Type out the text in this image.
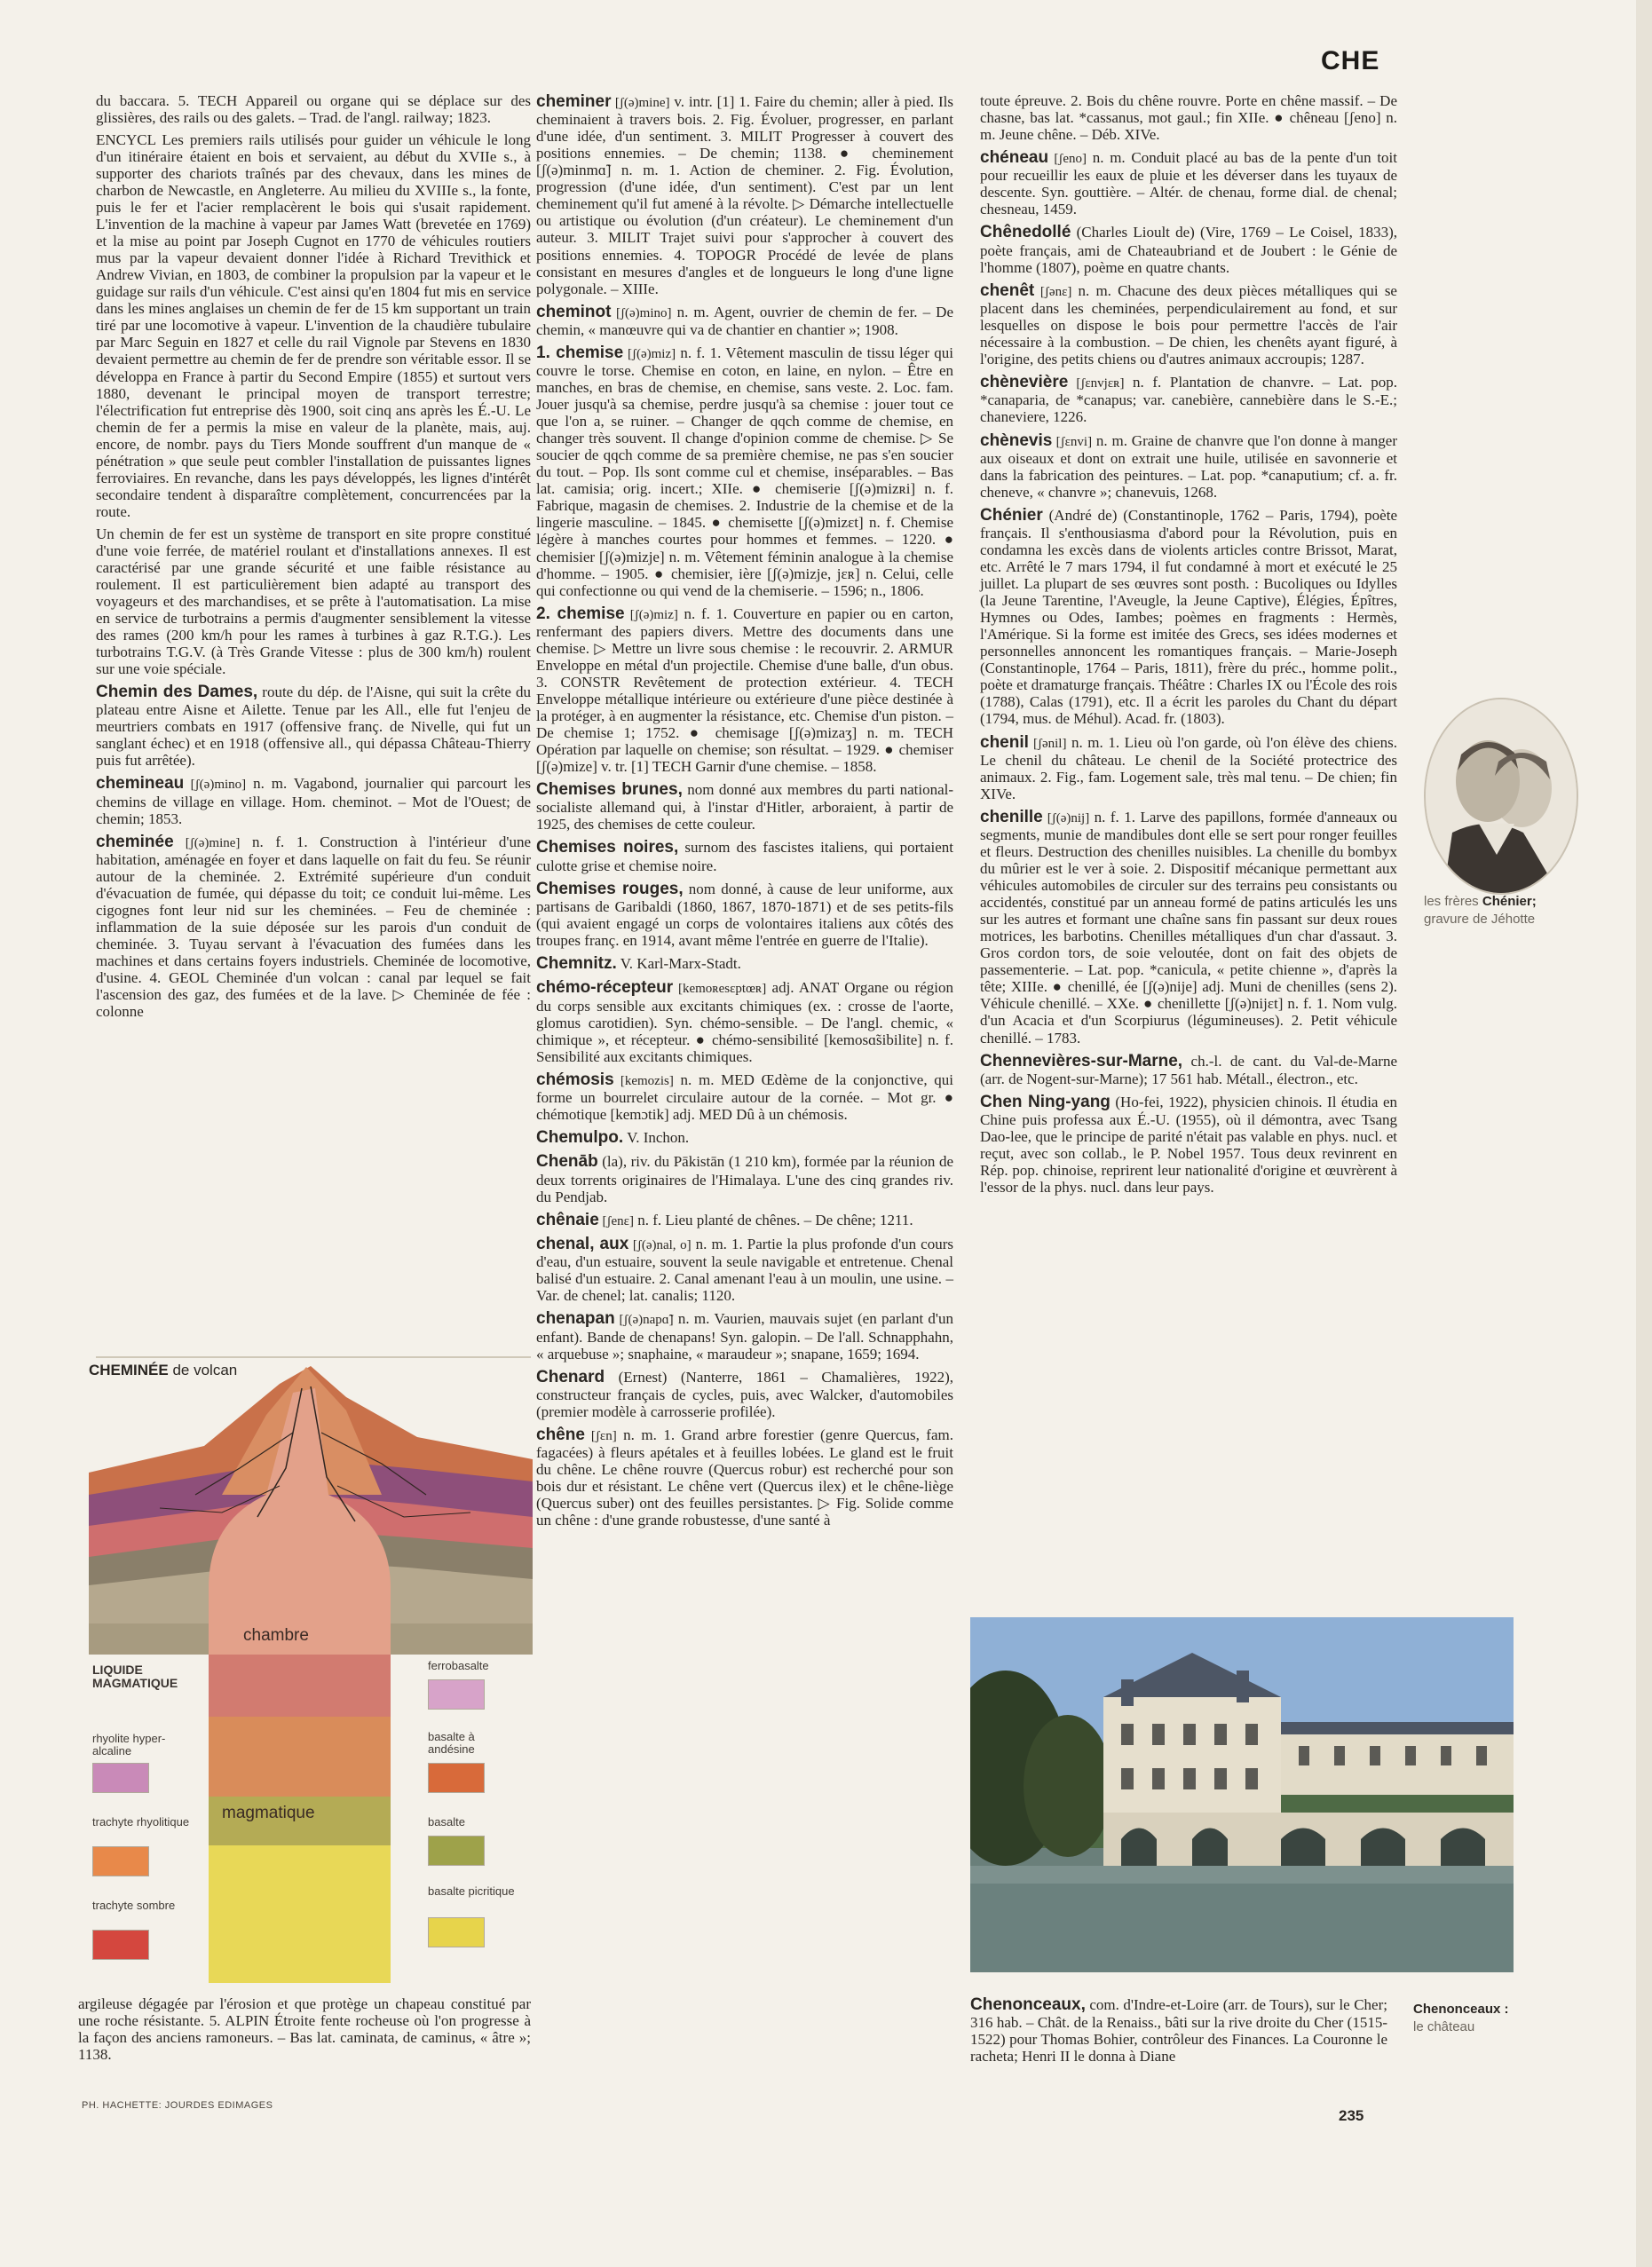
CHE

du baccara. 5. TECH Appareil ou organe qui se déplace sur des glissières, des rails ou des galets. – Trad. de l'angl. railway; 1823.

ENCYCL Les premiers rails utilisés pour guider un véhicule le long d'un itinéraire étaient en bois et servaient, au début du XVIIe s., à supporter des chariots traînés par des chevaux, dans les mines de charbon de Newcastle, en Angleterre. Au milieu du XVIIIe s., la fonte, puis le fer et l'acier remplacèrent le bois qui s'usait rapidement. L'invention de la machine à vapeur par James Watt (brevetée en 1769) et la mise au point par Joseph Cugnot en 1770 de véhicules routiers mus par la vapeur devaient donner l'idée à Richard Trevithick et Andrew Vivian, en 1803, de combiner la propulsion par la vapeur et le guidage sur rails d'un véhicule. C'est ainsi qu'en 1804 fut mis en service dans les mines anglaises un chemin de fer de 15 km supportant un train tiré par une locomotive à vapeur. L'invention de la chaudière tubulaire par Marc Seguin en 1827 et celle du rail Vignole par Stevens en 1830 devaient permettre au chemin de fer de prendre son véritable essor. Il se développa en France à partir du Second Empire (1855) et surtout vers 1880, devenant le principal moyen de transport terrestre; l'électrification fut entreprise dès 1900, soit cinq ans après les É.-U. Le chemin de fer a permis la mise en valeur de la planète, mais, auj. encore, de nombr. pays du Tiers Monde souffrent d'un manque de « pénétration » que seule peut combler l'installation de puissantes lignes ferroviaires. En revanche, dans les pays développés, les lignes d'intérêt secondaire tendent à disparaître complètement, concurrencées par la route.

Un chemin de fer est un système de transport en site propre constitué d'une voie ferrée, de matériel roulant et d'installations annexes. Il est caractérisé par une grande sécurité et une faible résistance au roulement. Il est particulièrement bien adapté au transport des voyageurs et des marchandises, et se prête à l'automatisation. La mise en service de turbotrains a permis d'augmenter sensiblement la vitesse des rames (200 km/h pour les rames à turbines à gaz R.T.G.). Les turbotrains T.G.V. (à Très Grande Vitesse : plus de 300 km/h) roulent sur une voie spéciale.

Chemin des Dames, route du dép. de l'Aisne, qui suit la crête du plateau entre Aisne et Ailette. Tenue par les All., elle fut l'enjeu de meurtriers combats en 1917 (offensive franç. de Nivelle, qui fut un sanglant échec) et en 1918 (offensive all., qui dépassa Château-Thierry puis fut arrêtée).
chemineau [ʃ(ə)mino] n. m. Vagabond, journalier qui parcourt les chemins de village en village. Hom. cheminot. – Mot de l'Ouest; de chemin; 1853.
cheminée [ʃ(ə)mine] n. f. 1. Construction à l'intérieur d'une habitation, aménagée en foyer et dans laquelle on fait du feu. Se réunir autour de la cheminée. 2. Extrémité supérieure d'un conduit d'évacuation de fumée, qui dépasse du toit; ce conduit lui-même. Les cigognes font leur nid sur les cheminées. – Feu de cheminée : inflammation de la suie déposée sur les parois d'un conduit de cheminée. 3. Tuyau servant à l'évacuation des fumées dans les machines et dans certains foyers industriels. Cheminée de locomotive, d'usine. 4. GEOL Cheminée d'un volcan : canal par lequel se fait l'ascension des gaz, des fumées et de la lave. ▷ Cheminée de fée : colonne
CHEMINÉE de volcan
chambre
magmatique
LIQUIDE MAGMATIQUE
rhyolite hyper-alcaline
trachyte rhyolitique
trachyte sombre
ferrobasalte
basalte à andésine
basalte
basalte picritique
argileuse dégagée par l'érosion et que protège un chapeau constitué par une roche résistante. 5. ALPIN Étroite fente rocheuse où l'on progresse à la façon des anciens ramoneurs. – Bas lat. caminata, de caminus, « âtre »; 1138.
cheminer [ʃ(ə)mine] v. intr. [1] 1. Faire du chemin; aller à pied. Ils cheminaient à travers bois. 2. Fig. Évoluer, progresser, en parlant d'une idée, d'un sentiment. 3. MILIT Progresser à couvert des positions ennemies. – De chemin; 1138. ● cheminement [ʃ(ə)minmɑ̃] n. m. 1. Action de cheminer. 2. Fig. Évolution, progression (d'une idée, d'un sentiment). C'est par un lent cheminement qu'il fut amené à la révolte. ▷ Démarche intellectuelle ou artistique ou évolution (d'un créateur). Le cheminement d'un auteur. 3. MILIT Trajet suivi pour s'approcher à couvert des positions ennemies. 4. TOPOGR Procédé de levée de plans consistant en mesures d'angles et de longueurs le long d'une ligne polygonale. – XIIIe.
cheminot [ʃ(ə)mino] n. m. Agent, ouvrier de chemin de fer. – De chemin, « manœuvre qui va de chantier en chantier »; 1908.
1. chemise [ʃ(ə)miz] n. f. 1. Vêtement masculin de tissu léger qui couvre le torse. Chemise en coton, en laine, en nylon. – Être en manches, en bras de chemise, en chemise, sans veste. 2. Loc. fam. Jouer jusqu'à sa chemise, perdre jusqu'à sa chemise : jouer tout ce que l'on a, se ruiner. – Changer de qqch comme de chemise, en changer très souvent. Il change d'opinion comme de chemise. ▷ Se soucier de qqch comme de sa première chemise, ne pas s'en soucier du tout. – Pop. Ils sont comme cul et chemise, inséparables. – Bas lat. camisia; orig. incert.; XIIe. ● chemiserie [ʃ(ə)mizʀi] n. f. Fabrique, magasin de chemises. 2. Industrie de la chemise et de la lingerie masculine. – 1845. ● chemisette [ʃ(ə)mizɛt] n. f. Chemise légère à manches courtes pour hommes et femmes. – 1220. ● chemisier [ʃ(ə)mizje] n. m. Vêtement féminin analogue à la chemise d'homme. – 1905. ● chemisier, ière [ʃ(ə)mizje, jɛʀ] n. Celui, celle qui confectionne ou qui vend de la chemiserie. – 1596; n., 1806.
2. chemise [ʃ(ə)miz] n. f. 1. Couverture en papier ou en carton, renfermant des papiers divers. Mettre des documents dans une chemise. ▷ Mettre un livre sous chemise : le recouvrir. 2. ARMUR Enveloppe en métal d'un projectile. Chemise d'une balle, d'un obus. 3. CONSTR Revêtement de protection extérieur. 4. TECH Enveloppe métallique intérieure ou extérieure d'une pièce destinée à la protéger, à en augmenter la résistance, etc. Chemise d'un piston. – De chemise 1; 1752. ● chemisage [ʃ(ə)mizaʒ] n. m. TECH Opération par laquelle on chemise; son résultat. – 1929. ● chemiser [ʃ(ə)mize] v. tr. [1] TECH Garnir d'une chemise. – 1858.
Chemises brunes, nom donné aux membres du parti national-socialiste allemand qui, à l'instar d'Hitler, arboraient, à partir de 1925, des chemises de cette couleur.
Chemises noires, surnom des fascistes italiens, qui portaient culotte grise et chemise noire.
Chemises rouges, nom donné, à cause de leur uniforme, aux partisans de Garibaldi (1860, 1867, 1870-1871) et de ses petits-fils (qui avaient engagé un corps de volontaires italiens aux côtés des troupes franç. en 1914, avant même l'entrée en guerre de l'Italie).
Chemnitz. V. Karl-Marx-Stadt.
chémo-récepteur [kemoʀesɛptœʀ] adj. ANAT Organe ou région du corps sensible aux excitants chimiques (ex. : crosse de l'aorte, glomus carotidien). Syn. chémo-sensible. – De l'angl. chemic, « chimique », et récepteur. ● chémo-sensibilité [kemosɑ̃sibilite] n. f. Sensibilité aux excitants chimiques.
chémosis [kemozis] n. m. MED Œdème de la conjonctive, qui forme un bourrelet circulaire autour de la cornée. – Mot gr. ● chémotique [kemɔtik] adj. MED Dû à un chémosis.
Chemulpo. V. Inchon.
Chenāb (la), riv. du Pākistān (1 210 km), formée par la réunion de deux torrents originaires de l'Himalaya. L'une des cinq grandes riv. du Pendjab.
chênaie [ʃenɛ] n. f. Lieu planté de chênes. – De chêne; 1211.
chenal, aux [ʃ(ə)nal, o] n. m. 1. Partie la plus profonde d'un cours d'eau, d'un estuaire, souvent la seule navigable et entretenue. Chenal balisé d'un estuaire. 2. Canal amenant l'eau à un moulin, une usine. – Var. de chenel; lat. canalis; 1120.
chenapan [ʃ(ə)napɑ̃] n. m. Vaurien, mauvais sujet (en parlant d'un enfant). Bande de chenapans! Syn. galopin. – De l'all. Schnapphahn, « arquebuse »; snaphaine, « maraudeur »; snapane, 1659; 1694.
Chenard (Ernest) (Nanterre, 1861 – Chamalières, 1922), constructeur français de cycles, puis, avec Walcker, d'automobiles (premier modèle à carrosserie profilée).
chêne [ʃɛn] n. m. 1. Grand arbre forestier (genre Quercus, fam. fagacées) à fleurs apétales et à feuilles lobées. Le gland est le fruit du chêne. Le chêne rouvre (Quercus robur) est recherché pour son bois dur et résistant. Le chêne vert (Quercus ilex) et le chêne-liège (Quercus suber) ont des feuilles persistantes. ▷ Fig. Solide comme un chêne : d'une grande robustesse, d'une santé à
toute épreuve. 2. Bois du chêne rouvre. Porte en chêne massif. – De chasne, bas lat. *cassanus, mot gaul.; fin XIIe. ● chêneau [ʃeno] n. m. Jeune chêne. – Déb. XIVe.
chéneau [ʃeno] n. m. Conduit placé au bas de la pente d'un toit pour recueillir les eaux de pluie et les déverser dans les tuyaux de descente. Syn. gouttière. – Altér. de chenau, forme dial. de chenal; chesneau, 1459.
Chênedollé (Charles Lioult de) (Vire, 1769 – Le Coisel, 1833), poète français, ami de Chateaubriand et de Joubert : le Génie de l'homme (1807), poème en quatre chants.
chenêt [ʃənɛ] n. m. Chacune des deux pièces métalliques qui se placent dans les cheminées, perpendiculairement au fond, et sur lesquelles on dispose le bois pour permettre l'accès de l'air nécessaire à la combustion. – De chien, les chenêts ayant figuré, à l'origine, des petits chiens ou d'autres animaux accroupis; 1287.
chènevière [ʃɛnvjɛʀ] n. f. Plantation de chanvre. – Lat. pop. *canaparia, de *canapus; var. canebière, cannebière dans le S.-E.; chaneviere, 1226.
chènevis [ʃɛnvi] n. m. Graine de chanvre que l'on donne à manger aux oiseaux et dont on extrait une huile, utilisée en savonnerie et dans la fabrication des peintures. – Lat. pop. *canaputium; cf. a. fr. cheneve, « chanvre »; chanevuis, 1268.
Chénier (André de) (Constantinople, 1762 – Paris, 1794), poète français. Il s'enthousiasma d'abord pour la Révolution, puis en condamna les excès dans de violents articles contre Brissot, Marat, etc. Arrêté le 7 mars 1794, il fut condamné à mort et exécuté le 25 juillet. La plupart de ses œuvres sont posth. : Bucoliques ou Idylles (la Jeune Tarentine, l'Aveugle, la Jeune Captive), Élégies, Épîtres, Hymnes ou Odes, Iambes; poèmes en fragments : Hermès, l'Amérique. Si la forme est imitée des Grecs, ses idées modernes et personnelles annoncent les romantiques français. – Marie-Joseph (Constantinople, 1764 – Paris, 1811), frère du préc., homme polit., poète et dramaturge français. Théâtre : Charles IX ou l'École des rois (1788), Calas (1791), etc. Il a écrit les paroles du Chant du départ (1794, mus. de Méhul). Acad. fr. (1803).
chenil [ʃənil] n. m. 1. Lieu où l'on garde, où l'on élève des chiens. Le chenil du château. Le chenil de la Société protectrice des animaux. 2. Fig., fam. Logement sale, très mal tenu. – De chien; fin XIVe.
chenille [ʃ(ə)nij] n. f. 1. Larve des papillons, formée d'anneaux ou segments, munie de mandibules dont elle se sert pour ronger feuilles et fleurs. Destruction des chenilles nuisibles. La chenille du bombyx du mûrier est le ver à soie. 2. Dispositif mécanique permettant aux véhicules automobiles de circuler sur des terrains peu consistants ou accidentés, constitué par un anneau formé de patins articulés les uns sur les autres et formant une chaîne sans fin passant sur deux roues motrices, les barbotins. Chenilles métalliques d'un char d'assaut. 3. Gros cordon tors, de soie veloutée, dont on fait des objets de passementerie. – Lat. pop. *canicula, « petite chienne », d'après la tête; XIIIe. ● chenillé, ée [ʃ(ə)nije] adj. Muni de chenilles (sens 2). Véhicule chenillé. – XXe. ● chenillette [ʃ(ə)nijɛt] n. f. 1. Nom vulg. d'un Acacia et d'un Scorpiurus (légumineuses). 2. Petit véhicule chenillé. – 1783.
Chennevières-sur-Marne, ch.-l. de cant. du Val-de-Marne (arr. de Nogent-sur-Marne); 17 561 hab. Métall., électron., etc.
Chen Ning-yang (Ho-fei, 1922), physicien chinois. Il étudia en Chine puis professa aux É.-U. (1955), où il démontra, avec Tsang Dao-lee, que le principe de parité n'était pas valable en phys. nucl. et reçut, avec son collab., le P. Nobel 1957. Tous deux revinrent en Rép. pop. chinoise, reprirent leur nationalité d'origine et œuvrèrent à l'essor de la phys. nucl. dans leur pays.
les frères Chénier;
gravure de Jéhotte
Chenonceaux :
le château
Chenonceaux, com. d'Indre-et-Loire (arr. de Tours), sur le Cher; 316 hab. – Chât. de la Renaiss., bâti sur la rive droite du Cher (1515-1522) pour Thomas Bohier, contrôleur des Finances. La Couronne le racheta; Henri II le donna à Diane
PH. HACHETTE: JOURDES EDIMAGES
235
